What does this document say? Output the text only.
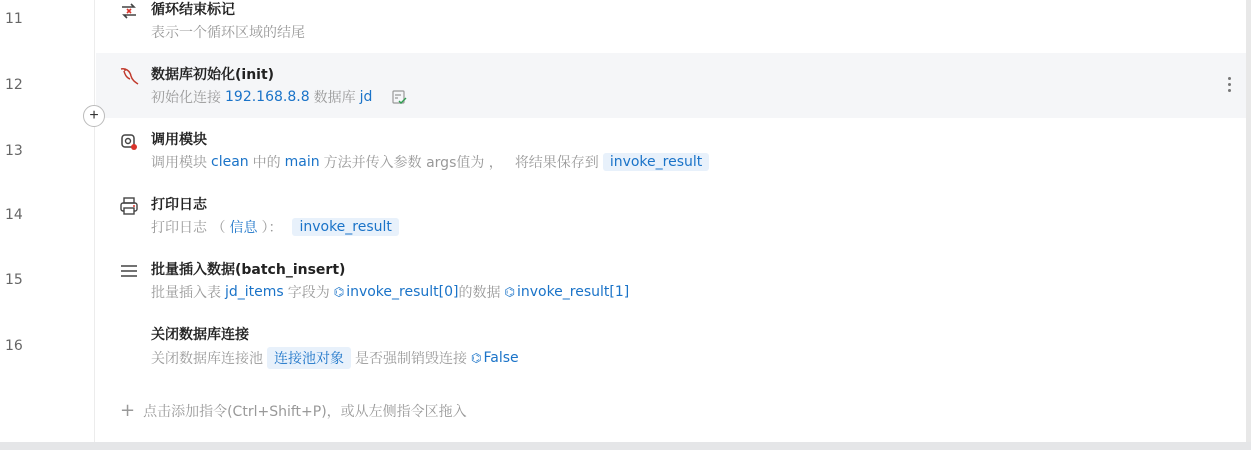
11
12
13
14
15
16
循环结束标记
表示一个循环区域的结尾
数据库初始化(init)
初始化连接 192.168.8.8 数据库 jd
调用模块
调用模块 clean 中的 main 方法并传入参数 args值为 ， 将结果保存到 invoke_result
打印日志
打印日志 （ 信息 ）：	invoke_result
批量插入数据(batch_insert)
批量插入表 jd_items 字段为 ⌬ invoke_result[0] 的数据 ⌬ invoke_result[1]
关闭数据库连接
关闭数据库连接池 连接池对象 是否强制销毁连接 ⌬ False
+
+ 点击添加指令(Ctrl+Shift+P)，或从左侧指令区拖入
